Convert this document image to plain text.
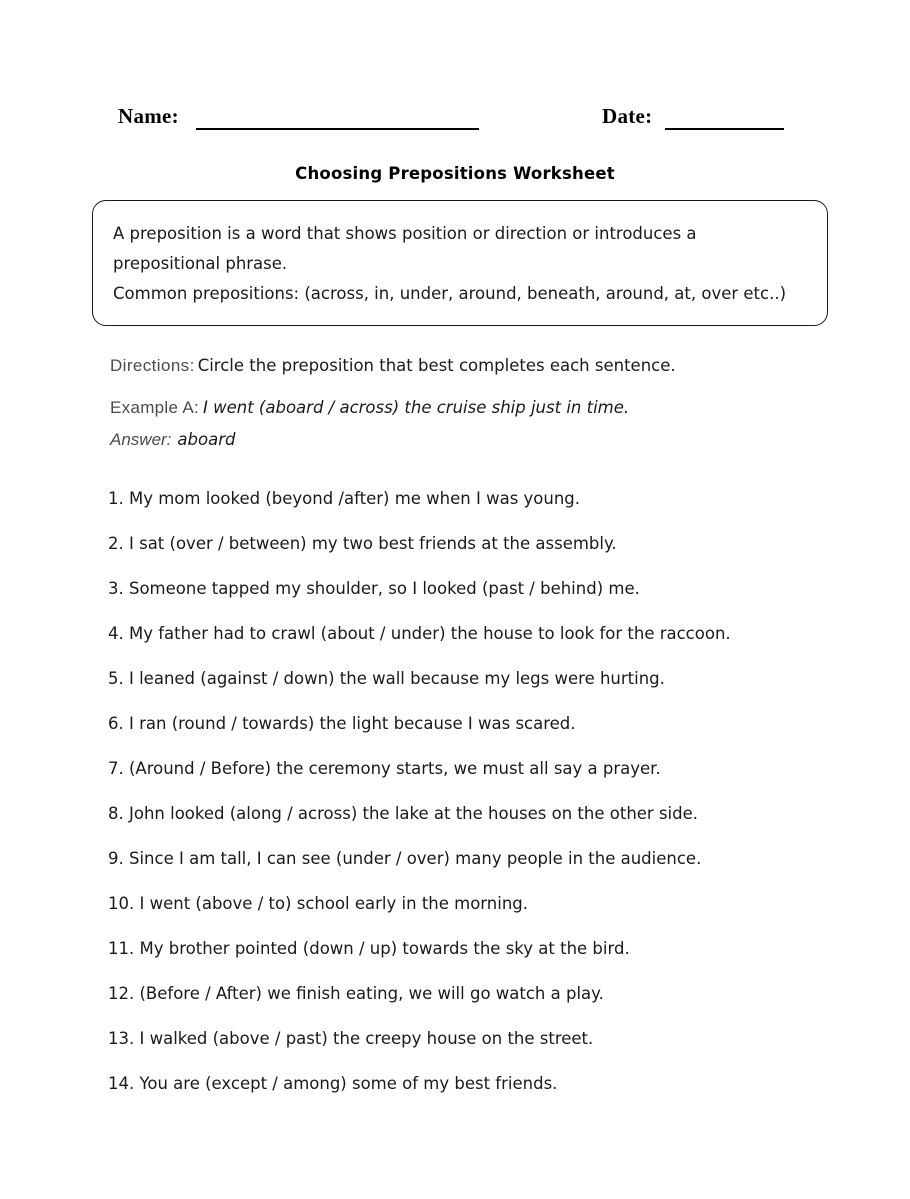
Name:	Date:
Choosing Prepositions Worksheet
A preposition is a word that shows position or direction or introduces a
prepositional phrase.
Common prepositions: (across, in, under, around, beneath, around, at, over etc..)
Directions: Circle the preposition that best completes each sentence.
Example A: I went (aboard / across) the cruise ship just in time.
Answer: aboard
1. My mom looked (beyond /after) me when I was young.
2. I sat (over / between) my two best friends at the assembly.
3. Someone tapped my shoulder, so I looked (past / behind) me.
4. My father had to crawl (about / under) the house to look for the raccoon.
5. I leaned (against / down) the wall because my legs were hurting.
6. I ran (round / towards) the light because I was scared.
7. (Around / Before) the ceremony starts, we must all say a prayer.
8. John looked (along / across) the lake at the houses on the other side.
9. Since I am tall, I can see (under / over) many people in the audience.
10. I went (above / to) school early in the morning.
11. My brother pointed (down / up) towards the sky at the bird.
12. (Before / After) we finish eating, we will go watch a play.
13. I walked (above / past) the creepy house on the street.
14. You are (except / among) some of my best friends.
